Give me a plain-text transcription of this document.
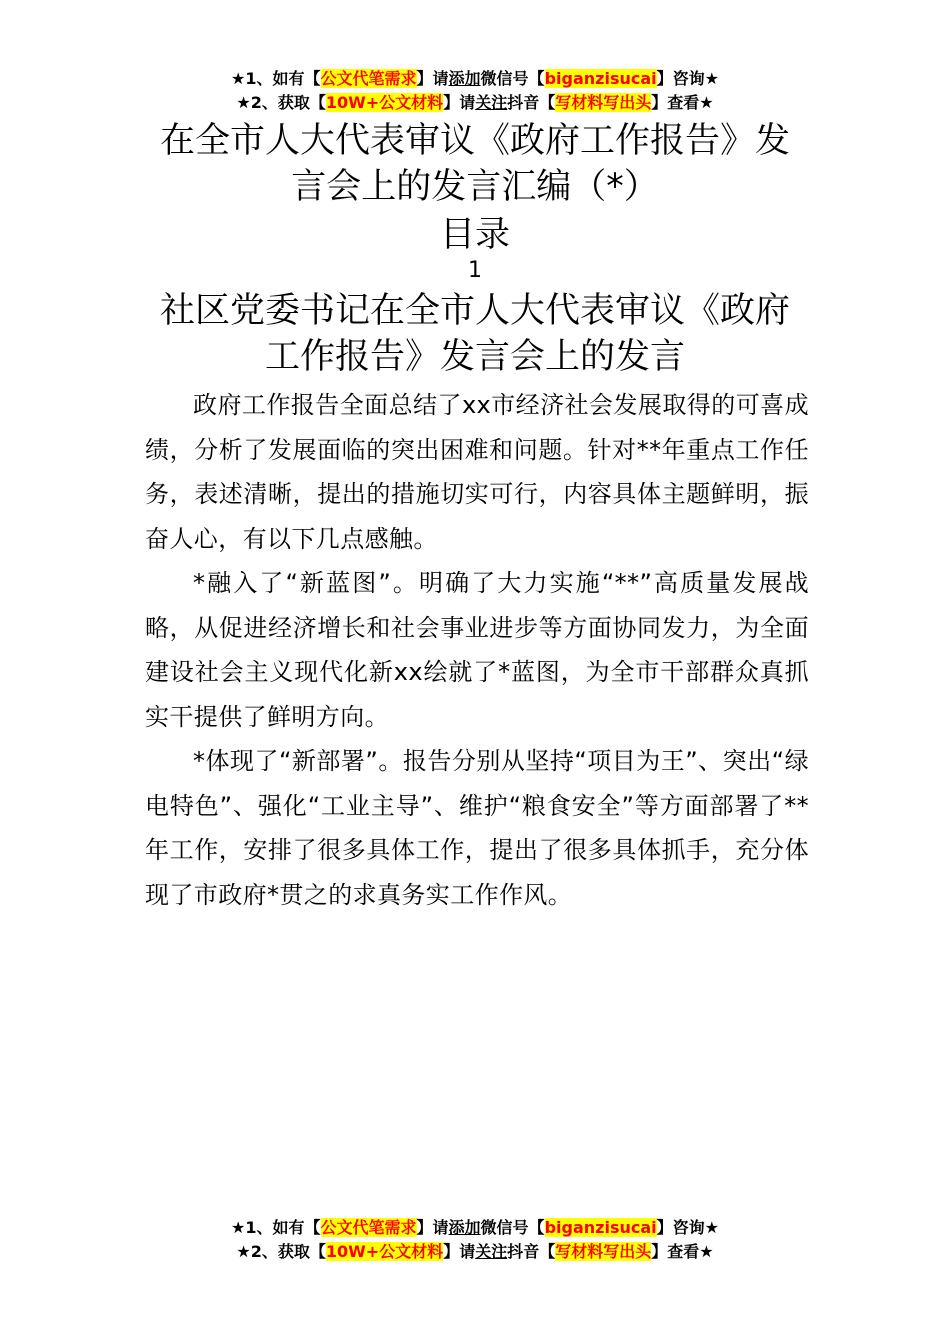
★1、如有【公文代笔需求】请添加微信号【biganzisucai】咨询★
★2、获取【10W+公文材料】请关注抖音【写材料写出头】查看★
在全市人大代表审议《政府工作报告》发
言会上的发言汇编（*）
目录
1
社区党委书记在全市人大代表审议《政府
工作报告》发言会上的发言

政府工作报告全面总结了xx市经济社会发展取得的可喜成绩，分析了发展面临的突出困难和问题。针对**年重点工作任务，表述清晰，提出的措施切实可行，内容具体主题鲜明，振奋人心，有以下几点感触。

*融入了“新蓝图”。明确了大力实施“**”高质量发展战略，从促进经济增长和社会事业进步等方面协同发力，为全面建设社会主义现代化新xx绘就了*蓝图，为全市干部群众真抓实干提供了鲜明方向。

*体现了“新部署”。报告分别从坚持“项目为王”、突出“绿电特色”、强化“工业主导”、维护“粮食安全”等方面部署了**年工作，安排了很多具体工作，提出了很多具体抓手，充分体现了市政府*贯之的求真务实工作作风。

★1、如有【公文代笔需求】请添加微信号【biganzisucai】咨询★
★2、获取【10W+公文材料】请关注抖音【写材料写出头】查看★
